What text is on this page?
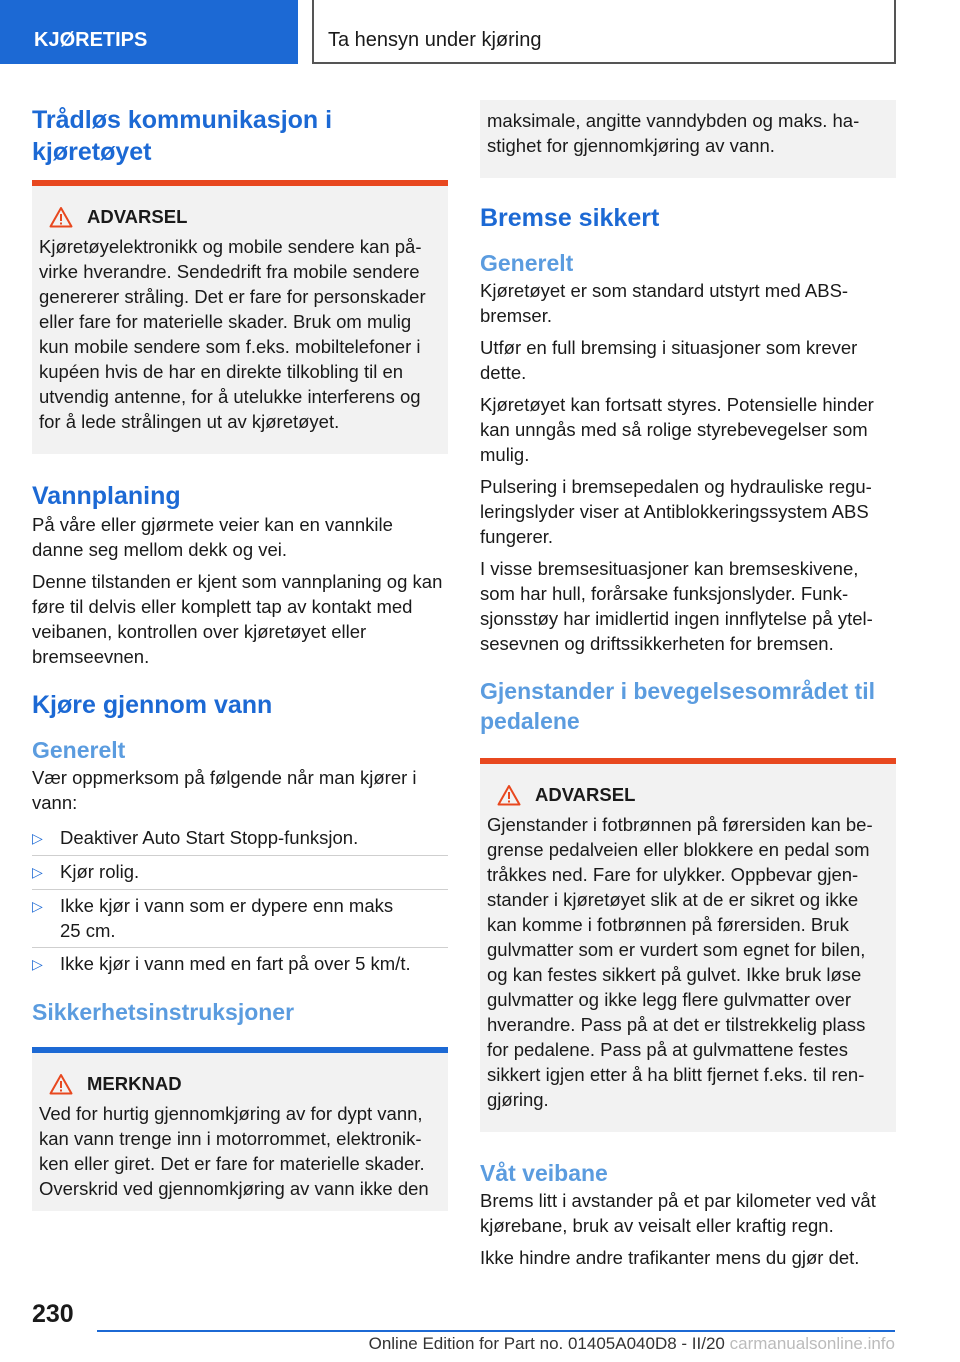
KJØRETIPS	Ta hensyn under kjøring
Trådløs kommunikasjon i kjøretøyet
ADVARSEL

Kjøretøyelektronikk og mobile sendere kan påvirke hverandre. Sendedrift fra mobile sendere genererer stråling. Det er fare for personskader eller fare for materielle skader. Bruk om mulig kun mobile sendere som f.eks. mobiltelefoner i kupéen hvis de har en direkte tilkobling til en utvendig antenne, for å utelukke interferens og for å lede strålingen ut av kjøretøyet.

Vannplaning

På våre eller gjørmete veier kan en vannkile danne seg mellom dekk og vei.

Denne tilstanden er kjent som vannplaning og kan føre til delvis eller komplett tap av kontakt med veibanen, kontrollen over kjøretøyet eller bremseevnen.

Kjøre gjennom vann
Generelt

Vær oppmerksom på følgende når man kjører i vann:

▷ Deaktiver Auto Start Stopp-funksjon.
▷ Kjør rolig.
▷ Ikke kjør i vann som er dypere enn maks 25 cm.
▷ Ikke kjør i vann med en fart på over 5 km/t.
Sikkerhetsinstruksjoner
MERKNAD

Ved for hurtig gjennomkjøring av for dypt vann, kan vann trenge inn i motorrommet, elektronikken eller giret. Det er fare for materielle skader. Overskrid ved gjennomkjøring av vann ikke den

maksimale, angitte vanndybden og maks. hastighet for gjennomkjøring av vann.

Bremse sikkert
Generelt

Kjøretøyet er som standard utstyrt med ABS-bremser.

Utfør en full bremsing i situasjoner som krever dette.

Kjøretøyet kan fortsatt styres. Potensielle hinder kan unngås med så rolige styrebevegelser som mulig.

Pulsering i bremsepedalen og hydrauliske reguleringslyder viser at Antiblokkeringssystem ABS fungerer.

I visse bremsesituasjoner kan bremseskivene, som har hull, forårsake funksjonslyder. Funksjonsstøy har imidlertid ingen innflytelse på ytelsesevnen og driftssikkerheten for bremsen.

Gjenstander i bevegelsesområdet til pedalene
ADVARSEL

Gjenstander i fotbrønnen på førersiden kan begrense pedalveien eller blokkere en pedal som tråkkes ned. Fare for ulykker. Oppbevar gjenstander i kjøretøyet slik at de er sikret og ikke kan komme i fotbrønnen på førersiden. Bruk gulvmatter som er vurdert som egnet for bilen, og kan festes sikkert på gulvet. Ikke bruk løse gulvmatter og ikke legg flere gulvmatter over hverandre. Pass på at det er tilstrekkelig plass for pedalene. Pass på at gulvmattene festes sikkert igjen etter å ha blitt fjernet f.eks. til rengjøring.

Våt veibane

Brems litt i avstander på et par kilometer ved våt kjørebane, bruk av veisalt eller kraftig regn.

Ikke hindre andre trafikanter mens du gjør det.

230
Online Edition for Part no. 01405A040D8 - II/20 carmanualsonline.info
